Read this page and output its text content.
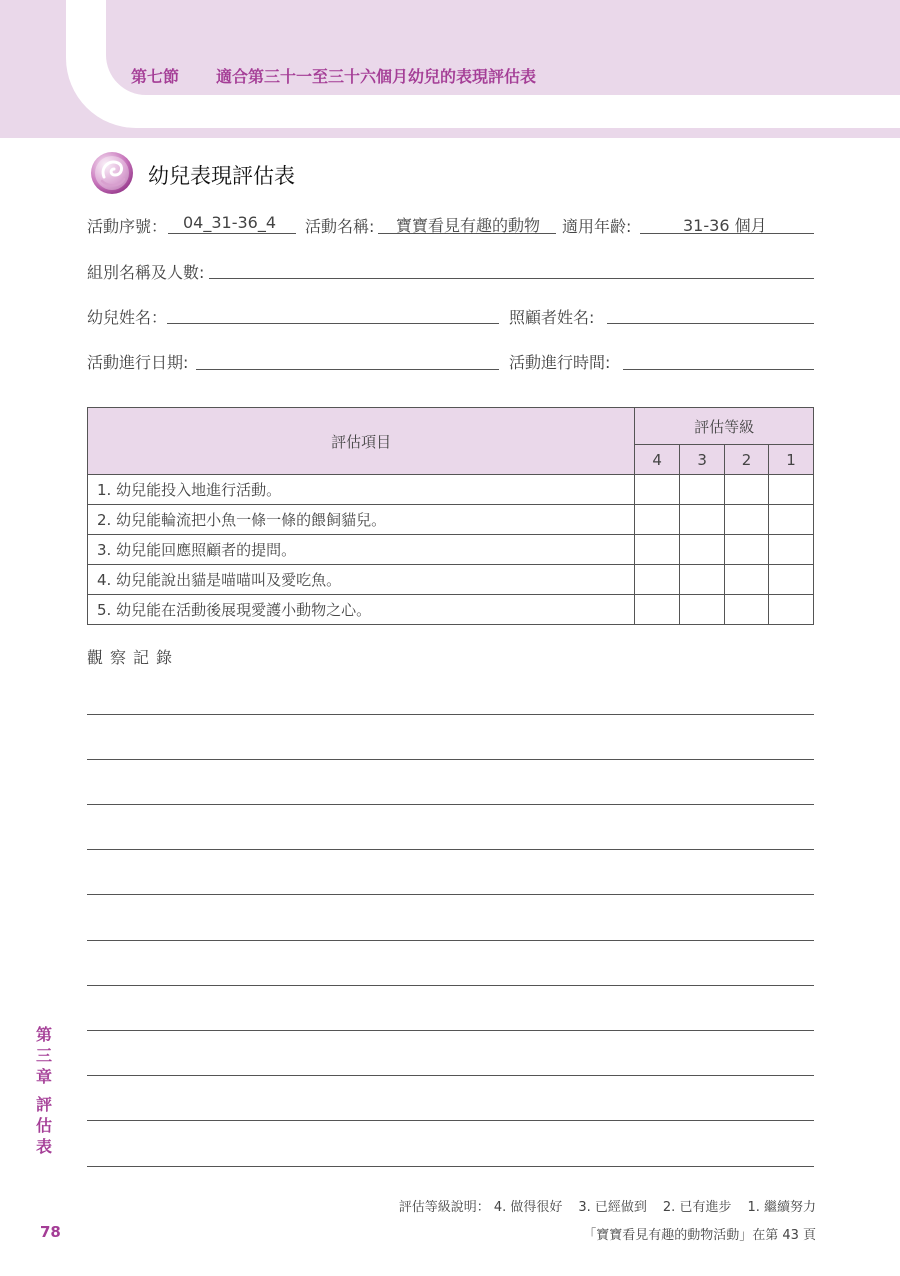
第七節 適合第三十一至三十六個月幼兒的表現評估表
幼兒表現評估表
活動序號： 04_31-36_4 活動名稱: 寶寶看見有趣的動物 適用年齡:	31-36 個月
組別名稱及人數:
幼兒姓名：	照顧者姓名:
活動進行日期:	活動進行時間:
評估項目	評估等級			
	4	3	2	1
1. 幼兒能投入地進行活動。				
2. 幼兒能輪流把小魚一條一條的餵飼貓兒。				
3. 幼兒能回應照顧者的提問。				
4. 幼兒能說出貓是喵喵叫及愛吃魚。				
5. 幼兒能在活動後展現愛護小動物之心。				
觀察記錄
第
三
章
評
估
表
評估等級說明： 4. 做得很好 3. 已經做到 2. 已有進步 1. 繼續努力
「寶寶看見有趣的動物活動」在第 43 頁
78
